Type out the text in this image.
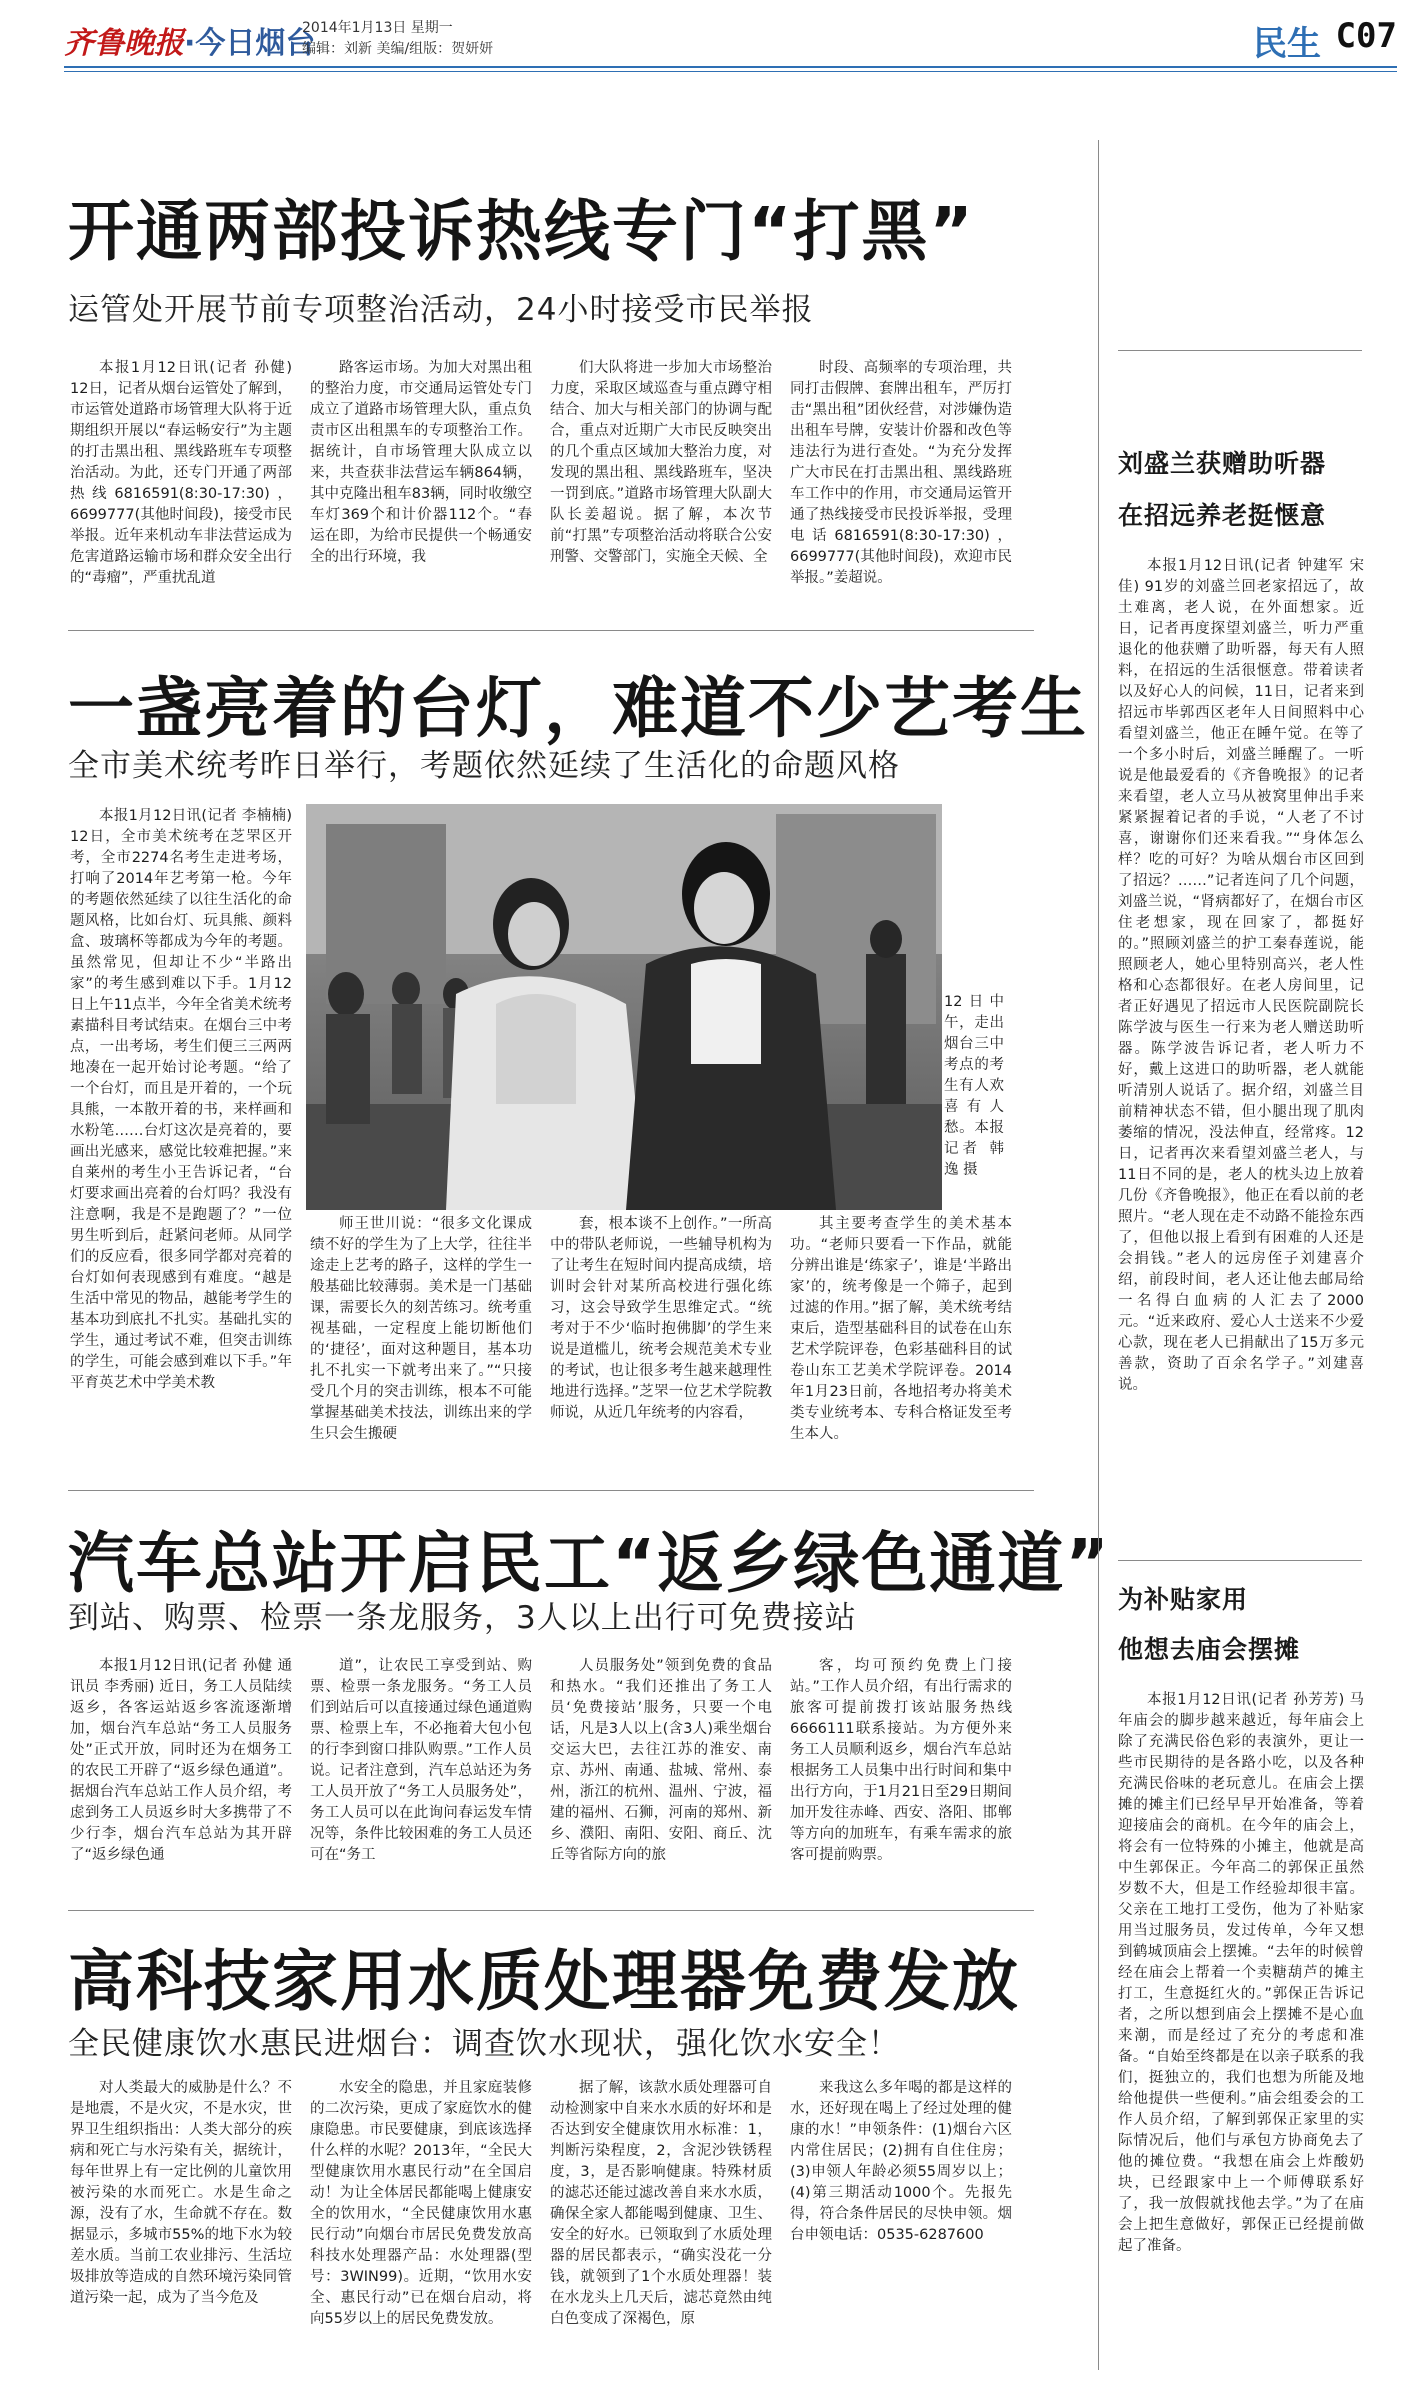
齐鲁晚报·今日烟台
2014年1月13日 星期一
编辑：刘新 美编/组版：贺妍妍	民生 C07
开通两部投诉热线专门“打黑”
运管处开展节前专项整治活动，24小时接受市民举报

本报1月12日讯(记者 孙健) 12日，记者从烟台运管处了解到，市运管处道路市场管理大队将于近期组织开展以“春运畅安行”为主题的打击黑出租、黑线路班车专项整治活动。为此，还专门开通了两部热线6816591(8:30-17:30)，6699777(其他时间段)，接受市民举报。近年来机动车非法营运成为危害道路运输市场和群众安全出行的“毒瘤”，严重扰乱道

路客运市场。为加大对黑出租的整治力度，市交通局运管处专门成立了道路市场管理大队，重点负责市区出租黑车的专项整治工作。据统计，自市场管理大队成立以来，共查获非法营运车辆864辆，其中克隆出租车83辆，同时收缴空车灯369个和计价器112个。“春运在即，为给市民提供一个畅通安全的出行环境，我

们大队将进一步加大市场整治力度，采取区域巡查与重点蹲守相结合、加大与相关部门的协调与配合，重点对近期广大市民反映突出的几个重点区域加大整治力度，对发现的黑出租、黑线路班车，坚决一罚到底。”道路市场管理大队副大队长姜超说。据了解，本次节前“打黑”专项整治活动将联合公安刑警、交警部门，实施全天候、全

时段、高频率的专项治理，共同打击假牌、套牌出租车，严厉打击“黑出租”团伙经营，对涉嫌伪造出租车号牌，安装计价器和改色等违法行为进行查处。“为充分发挥广大市民在打击黑出租、黑线路班车工作中的作用，市交通局运管开通了热线接受市民投诉举报，受理电话6816591(8:30-17:30)，6699777(其他时间段)，欢迎市民举报。”姜超说。

一盏亮着的台灯，难道不少艺考生
全市美术统考昨日举行，考题依然延续了生活化的命题风格

本报1月12日讯(记者 李楠楠) 12日，全市美术统考在芝罘区开考，全市2274名考生走进考场，打响了2014年艺考第一枪。今年的考题依然延续了以往生活化的命题风格，比如台灯、玩具熊、颜料盒、玻璃杯等都成为今年的考题。虽然常见，但却让不少“半路出家”的考生感到难以下手。1月12日上午11点半，今年全省美术统考素描科目考试结束。在烟台三中考点，一出考场，考生们便三三两两地凑在一起开始讨论考题。“给了一个台灯，而且是开着的，一个玩具熊，一本散开着的书，来样画和水粉笔……台灯这次是亮着的，要画出光感来，感觉比较难把握。”来自莱州的考生小王告诉记者，“台灯要求画出亮着的台灯吗？我没有注意啊，我是不是跑题了？”一位男生听到后，赶紧问老师。从同学们的反应看，很多同学都对亮着的台灯如何表现感到有难度。“越是生活中常见的物品，越能考学生的基本功到底扎不扎实。基础扎实的学生，通过考试不难，但突击训练的学生，可能会感到难以下手。”年平育英艺术中学美术教

12日中午，走出烟台三中考点的考生有人欢喜有人愁。本报记者 韩逸 摄

师王世川说：“很多文化课成绩不好的学生为了上大学，往往半途走上艺考的路子，这样的学生一般基础比较薄弱。美术是一门基础课，需要长久的刻苦练习。统考重视基础，一定程度上能切断他们的‘捷径’，面对这种题目，基本功扎不扎实一下就考出来了。”“只接受几个月的突击训练，根本不可能掌握基础美术技法，训练出来的学生只会生搬硬

套，根本谈不上创作。”一所高中的带队老师说，一些辅导机构为了让考生在短时间内提高成绩，培训时会针对某所高校进行强化练习，这会导致学生思维定式。“统考对于不少‘临时抱佛脚’的学生来说是道槛儿，统考会规范美术专业的考试，也让很多考生越来越理性地进行选择。”芝罘一位艺术学院教师说，从近几年统考的内容看，

其主要考查学生的美术基本功。“老师只要看一下作品，就能分辨出谁是‘练家子’，谁是‘半路出家’的，统考像是一个筛子，起到过滤的作用。”据了解，美术统考结束后，造型基础科目的试卷在山东艺术学院评卷，色彩基础科目的试卷山东工艺美术学院评卷。2014年1月23日前，各地招考办将美术类专业统考本、专科合格证发至考生本人。

汽车总站开启民工“返乡绿色通道”
到站、购票、检票一条龙服务，3人以上出行可免费接站

本报1月12日讯(记者 孙健 通讯员 李秀丽) 近日，务工人员陆续返乡，各客运站返乡客流逐渐增加，烟台汽车总站“务工人员服务处”正式开放，同时还为在烟务工的农民工开辟了“返乡绿色通道”。据烟台汽车总站工作人员介绍，考虑到务工人员返乡时大多携带了不少行李，烟台汽车总站为其开辟了“返乡绿色通

道”，让农民工享受到站、购票、检票一条龙服务。“务工人员们到站后可以直接通过绿色通道购票、检票上车，不必拖着大包小包的行李到窗口排队购票。”工作人员说。记者注意到，汽车总站还为务工人员开放了“务工人员服务处”，务工人员可以在此询问春运发车情况等，条件比较困难的务工人员还可在“务工

人员服务处”领到免费的食品和热水。“我们还推出了务工人员‘免费接站’服务，只要一个电话，凡是3人以上(含3人)乘坐烟台交运大巴，去往江苏的淮安、南京、苏州、南通、盐城、常州、泰州，浙江的杭州、温州、宁波，福建的福州、石狮，河南的郑州、新乡、濮阳、南阳、安阳、商丘、沈丘等省际方向的旅

客，均可预约免费上门接站。”工作人员介绍，有出行需求的旅客可提前拨打该站服务热线6666111联系接站。为方便外来务工人员顺利返乡，烟台汽车总站根据务工人员集中出行时间和集中出行方向，于1月21日至29日期间加开发往赤峰、西安、洛阳、邯郸等方向的加班车，有乘车需求的旅客可提前购票。

高科技家用水质处理器免费发放
全民健康饮水惠民进烟台：调查饮水现状，强化饮水安全！

对人类最大的威胁是什么？不是地震，不是火灾，不是水灾，世界卫生组织指出：人类大部分的疾病和死亡与水污染有关，据统计，每年世界上有一定比例的儿童饮用被污染的水而死亡。水是生命之源，没有了水，生命就不存在。数据显示，多城市55%的地下水为较差水质。当前工农业排污、生活垃圾排放等造成的自然环境污染同管道污染一起，成为了当今危及

水安全的隐患，并且家庭装修的二次污染，更成了家庭饮水的健康隐患。市民要健康，到底该选择什么样的水呢？2013年，“全民大型健康饮用水惠民行动”在全国启动！为让全体居民都能喝上健康安全的饮用水，“全民健康饮用水惠民行动”向烟台市居民免费发放高科技水处理器产品：水处理器(型号：3WIN99)。近期，“饮用水安全、惠民行动”已在烟台启动，将向55岁以上的居民免费发放。

据了解，该款水质处理器可自动检测家中自来水水质的好坏和是否达到安全健康饮用水标准：1，判断污染程度，2，含泥沙铁锈程度，3，是否影响健康。特殊材质的滤芯还能过滤改善自来水水质，确保全家人都能喝到健康、卫生、安全的好水。已领取到了水质处理器的居民都表示，“确实没花一分钱，就领到了1个水质处理器！装在水龙头上几天后，滤芯竟然由纯白色变成了深褐色，原

来我这么多年喝的都是这样的水，还好现在喝上了经过处理的健康的水！”申领条件：(1)烟台六区内常住居民；(2)拥有自住住房；(3)申领人年龄必须55周岁以上；(4)第三期活动1000个。先报先得，符合条件居民的尽快申领。烟台申领电话：0535-6287600

刘盛兰获赠助听器
在招远养老挺惬意

本报1月12日讯(记者 钟建军 宋佳) 91岁的刘盛兰回老家招远了，故土难离，老人说，在外面想家。近日，记者再度探望刘盛兰，听力严重退化的他获赠了助听器，每天有人照料，在招远的生活很惬意。带着读者以及好心人的问候，11日，记者来到招远市毕郭西区老年人日间照料中心看望刘盛兰，他正在睡午觉。在等了一个多小时后，刘盛兰睡醒了。一听说是他最爱看的《齐鲁晚报》的记者来看望，老人立马从被窝里伸出手来紧紧握着记者的手说，“人老了不讨喜，谢谢你们还来看我。”“身体怎么样？吃的可好？为啥从烟台市区回到了招远？……”记者连问了几个问题，刘盛兰说，“肾病都好了，在烟台市区住老想家，现在回家了，都挺好的。”照顾刘盛兰的护工秦春莲说，能照顾老人，她心里特别高兴，老人性格和心态都很好。在老人房间里，记者正好遇见了招远市人民医院副院长陈学波与医生一行来为老人赠送助听器。陈学波告诉记者，老人听力不好，戴上这进口的助听器，老人就能听清别人说话了。据介绍，刘盛兰目前精神状态不错，但小腿出现了肌肉萎缩的情况，没法伸直，经常疼。12日，记者再次来看望刘盛兰老人，与11日不同的是，老人的枕头边上放着几份《齐鲁晚报》，他正在看以前的老照片。“老人现在走不动路不能捡东西了，但他以报上看到有困难的人还是会捐钱。”老人的远房侄子刘建喜介绍，前段时间，老人还让他去邮局给一名得白血病的人汇去了2000元。“近来政府、爱心人士送来不少爱心款，现在老人已捐献出了15万多元善款，资助了百余名学子。”刘建喜说。

为补贴家用
他想去庙会摆摊

本报1月12日讯(记者 孙芳芳) 马年庙会的脚步越来越近，每年庙会上除了充满民俗色彩的表演外，更让一些市民期待的是各路小吃，以及各种充满民俗味的老玩意儿。在庙会上摆摊的摊主们已经早早开始准备，等着迎接庙会的商机。在今年的庙会上，将会有一位特殊的小摊主，他就是高中生郭保正。今年高二的郭保正虽然岁数不大，但是工作经验却很丰富。父亲在工地打工受伤，他为了补贴家用当过服务员，发过传单，今年又想到鹤城顶庙会上摆摊。“去年的时候曾经在庙会上帮着一个卖糖葫芦的摊主打工，生意挺红火的。”郭保正告诉记者，之所以想到庙会上摆摊不是心血来潮，而是经过了充分的考虑和准备。“自始至终都是在以亲子联系的我们，挺独立的，我们也想为所能及地给他提供一些便利。”庙会组委会的工作人员介绍，了解到郭保正家里的实际情况后，他们与承包方协商免去了他的摊位费。“我想在庙会上炸酸奶块，已经跟家中上一个师傅联系好了，我一放假就找他去学。”为了在庙会上把生意做好，郭保正已经提前做起了准备。
